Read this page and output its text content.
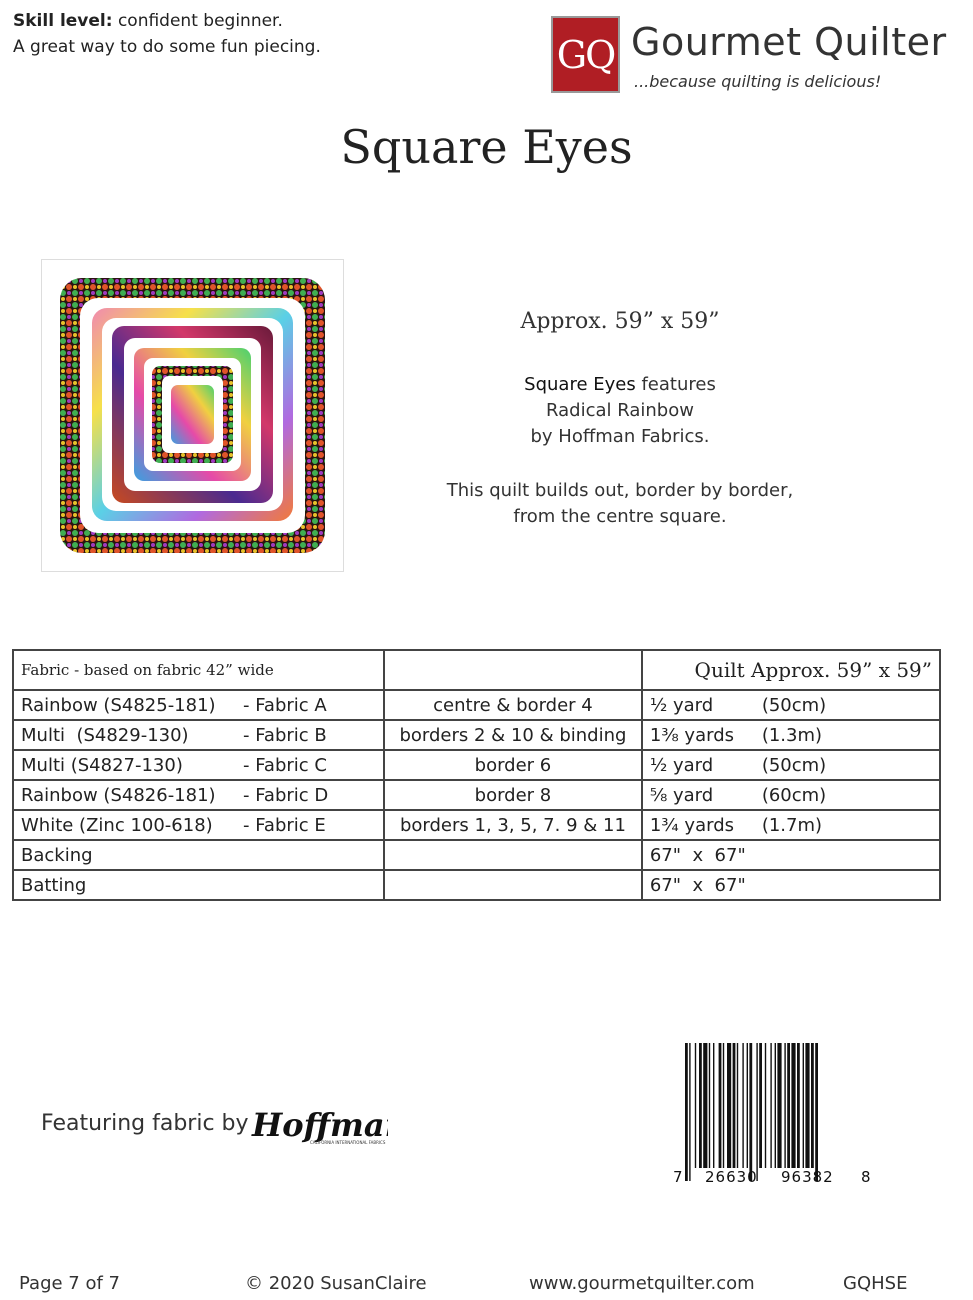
Skill level: confident beginner.
A great way to do some fun piecing.	GQ Gourmet Quilter
...because quilting is delicious!
Square Eyes
Approx. 59” x 59”
Square Eyes features
Radical Rainbow
by Hoffman Fabrics.
This quilt builds out, border by border,
from the centre square.
Fabric - based on fabric 42” wide		Quilt Approx. 59” x 59”
Rainbow (S4825-181) - Fabric A	centre & border 4	½ yard (50cm)
Multi  (S4829-130) - Fabric B	borders 2 & 10 & binding	1⅜ yards (1.3m)
Multi (S4827-130) - Fabric C	border 6	½ yard (50cm)
Rainbow (S4826-181) - Fabric D	border 8	⅝ yard (60cm)
White (Zinc 100-618) - Fabric E	borders 1, 3, 5, 7. 9 & 11	1¾ yards (1.7m)
Backing		67"  x  67"
Batting		67"  x  67"
7 26630 96382 8
Featuring fabric by Hoffma
CALIFORNIA INTERNATIONAL FABRICS
Page 7 of 7	© 2020 SusanClaire	www.gourmetquilter.com	GQHSE
